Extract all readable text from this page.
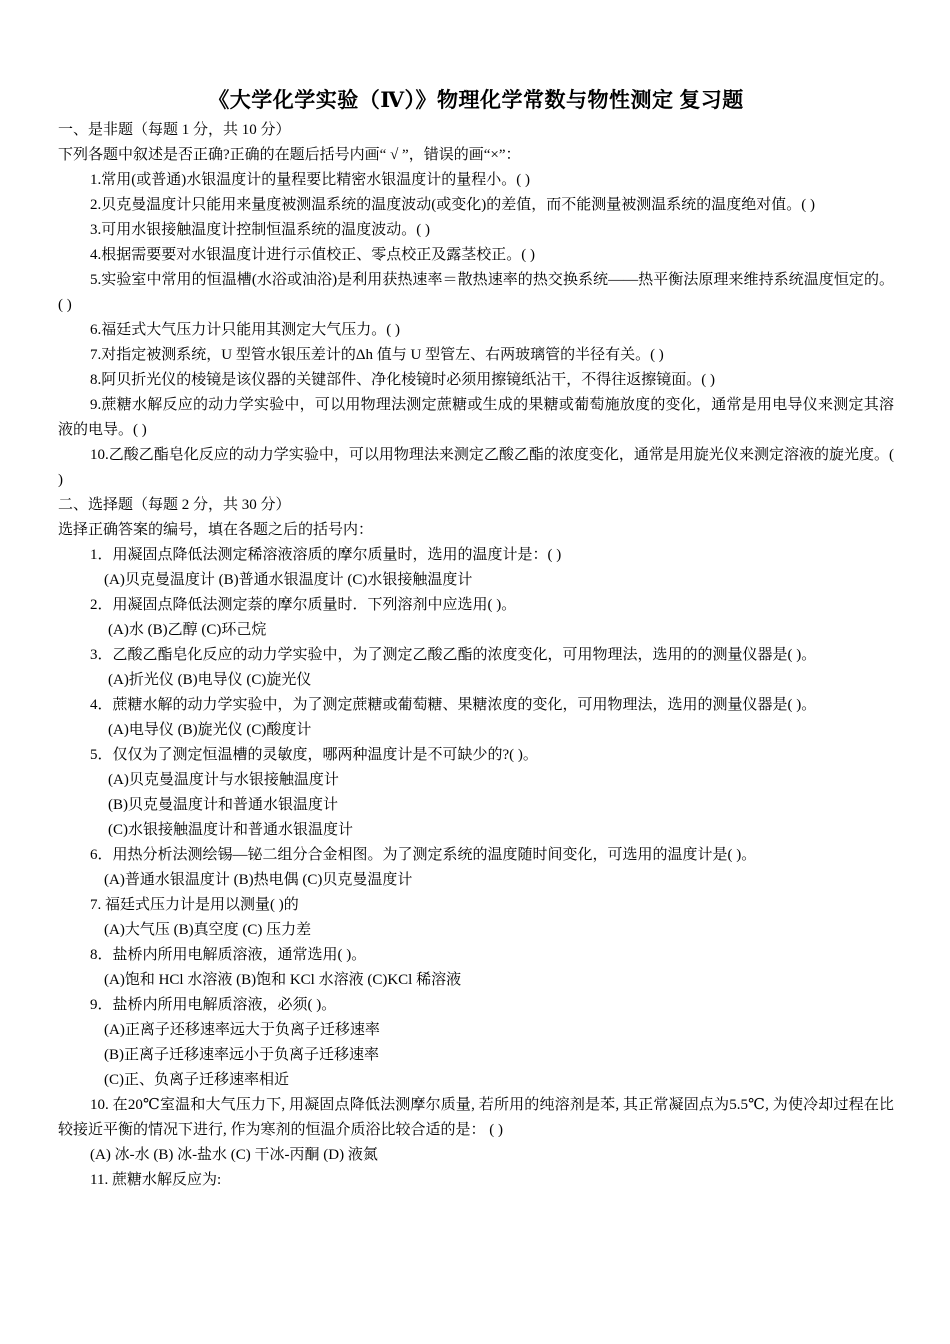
《大学化学实验（Ⅳ）》物理化学常数与物性测定 复习题
一、是非题（每题 1 分，共 10 分）
下列各题中叙述是否正确?正确的在题后括号内画“ √ ”，错误的画“×”：
1.常用(或普通)水银温度计的量程要比精密水银温度计的量程小。( )
2.贝克曼温度计只能用来量度被测温系统的温度波动(或变化)的差值，而不能测量被测温系统的温度绝对值。( )
3.可用水银接触温度计控制恒温系统的温度波动。( )
4.根据需要要对水银温度计进行示值校正、零点校正及露茎校正。( )
5.实验室中常用的恒温槽(水浴或油浴)是利用获热速率＝散热速率的热交换系统——热平衡法原理来维持系统温度恒定的。( )
6.福廷式大气压力计只能用其测定大气压力。( )
7.对指定被测系统，U 型管水银压差计的Δh 值与 U 型管左、右两玻璃管的半径有关。( )
8.阿贝折光仪的棱镜是该仪器的关键部件、净化棱镜时必须用擦镜纸沾干，不得往返擦镜面。( )
9.蔗糖水解反应的动力学实验中，可以用物理法测定蔗糖或生成的果糖或葡萄施放度的变化，通常是用电导仪来测定其溶液的电导。( )
10.乙酸乙酯皂化反应的动力学实验中，可以用物理法来测定乙酸乙酯的浓度变化，通常是用旋光仪来测定溶液的旋光度。( )
二、选择题（每题 2 分，共 30 分）
选择正确答案的编号，填在各题之后的括号内：
1．用凝固点降低法测定稀溶液溶质的摩尔质量时，选用的温度计是：( )
(A)贝克曼温度计 (B)普通水银温度计 (C)水银接触温度计
2．用凝固点降低法测定萘的摩尔质量时．下列溶剂中应选用( )。
(A)水 (B)乙醇 (C)环己烷
3．乙酸乙酯皂化反应的动力学实验中，为了测定乙酸乙酯的浓度变化，可用物理法，选用的的测量仪器是( )。
(A)折光仪 (B)电导仪 (C)旋光仪
4．蔗糖水解的动力学实验中，为了测定蔗糖或葡萄糖、果糖浓度的变化，可用物理法，选用的测量仪器是( )。
(A)电导仪 (B)旋光仪 (C)酸度计
5．仅仅为了测定恒温槽的灵敏度，哪两种温度计是不可缺少的?( )。
(A)贝克曼温度计与水银接触温度计
(B)贝克曼温度计和普通水银温度计
(C)水银接触温度计和普通水银温度计
6．用热分析法测绘锡—铋二组分合金相图。为了测定系统的温度随时间变化，可选用的温度计是( )。
(A)普通水银温度计 (B)热电偶 (C)贝克曼温度计
7. 福廷式压力计是用以测量( )的
(A)大气压 (B)真空度 (C) 压力差
8．盐桥内所用电解质溶液，通常选用( )。
(A)饱和 HCl 水溶液 (B)饱和 KCl 水溶液 (C)KCl 稀溶液
9．盐桥内所用电解质溶液，必须( )。
(A)正离子还移速率远大于负离子迁移速率
(B)正离子迁移速率远小于负离子迁移速率
(C)正、负离子迁移速率相近
10. 在20℃室温和大气压力下, 用凝固点降低法测摩尔质量, 若所用的纯溶剂是苯, 其正常凝固点为5.5℃, 为使冷却过程在比较接近平衡的情况下进行, 作为寒剂的恒温介质浴比较合适的是： ( )
(A) 冰-水 (B) 冰-盐水 (C) 干冰-丙酮 (D) 液氮
11. 蔗糖水解反应为:
